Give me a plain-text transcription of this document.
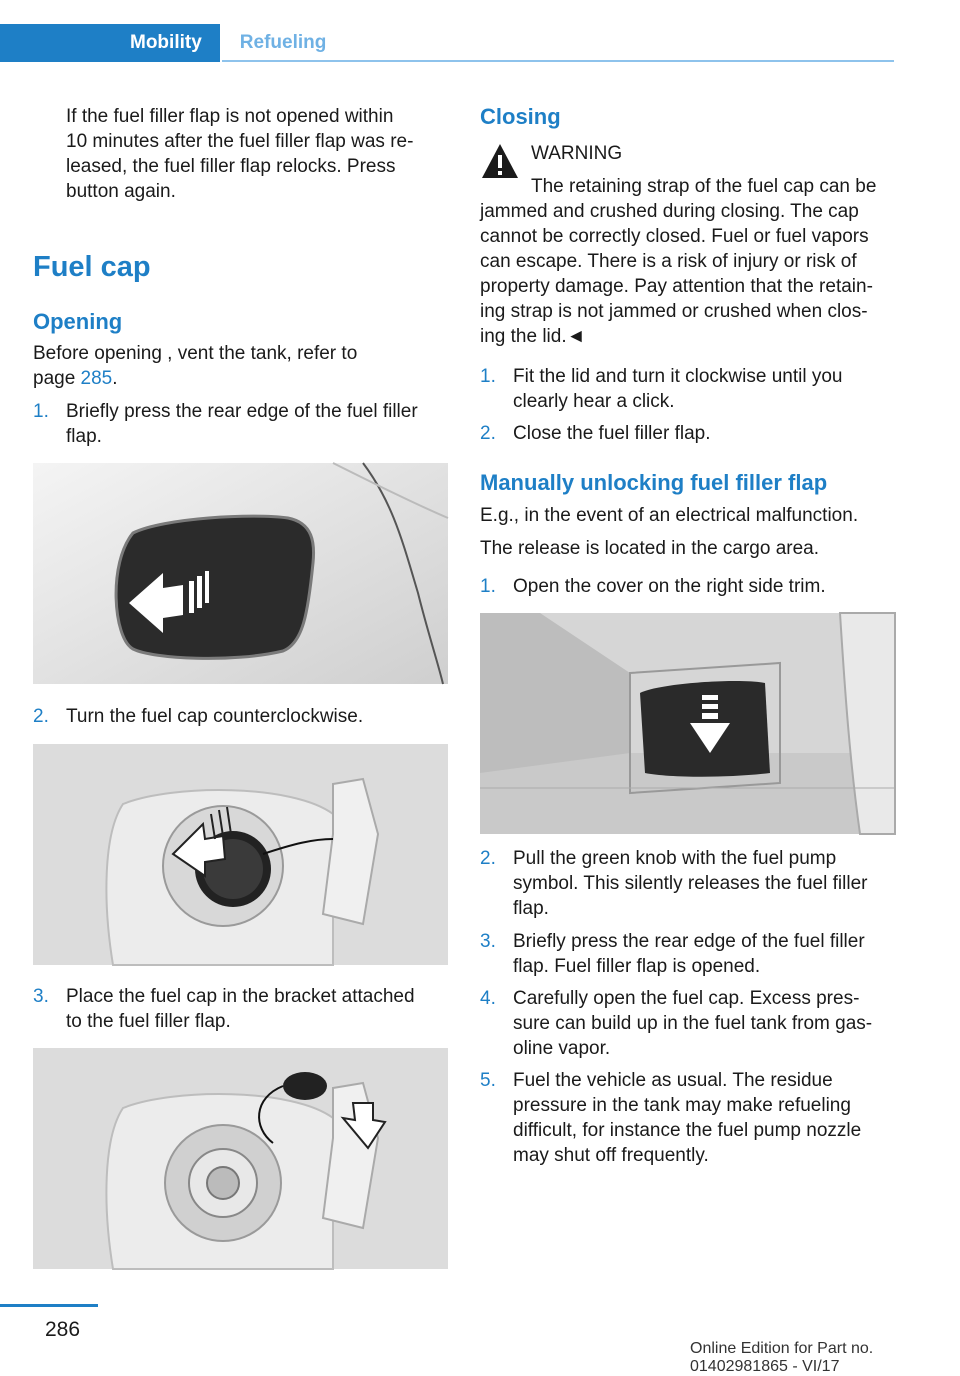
Mobility	Refueling
If the fuel filler flap is not opened within
10 minutes after the fuel filler flap was re-
leased, the fuel filler flap relocks. Press
button again.
Fuel cap
Opening
Before opening , vent the tank, refer to
page 285.
1. Briefly press the rear edge of the fuel filler
flap.
2. Turn the fuel cap counterclockwise.
3. Place the fuel cap in the bracket attached
to the fuel filler flap.
Closing
WARNING
The retaining strap of the fuel cap can be
jammed and crushed during closing. The cap
cannot be correctly closed. Fuel or fuel vapors
can escape. There is a risk of injury or risk of
property damage. Pay attention that the retain-
ing strap is not jammed or crushed when clos-
ing the lid.◄
1. Fit the lid and turn it clockwise until you
clearly hear a click.
2. Close the fuel filler flap.
Manually unlocking fuel filler flap
E.g., in the event of an electrical malfunction.
The release is located in the cargo area.
1. Open the cover on the right side trim.
2. Pull the green knob with the fuel pump
symbol. This silently releases the fuel filler
flap.
3. Briefly press the rear edge of the fuel filler
flap. Fuel filler flap is opened.
4. Carefully open the fuel cap. Excess pres-
sure can build up in the fuel tank from gas-
oline vapor.
5. Fuel the vehicle as usual. The residue
pressure in the tank may make refueling
difficult, for instance the fuel pump nozzle
may shut off frequently.
286
Online Edition for Part no. 01402981865 - VI/17
